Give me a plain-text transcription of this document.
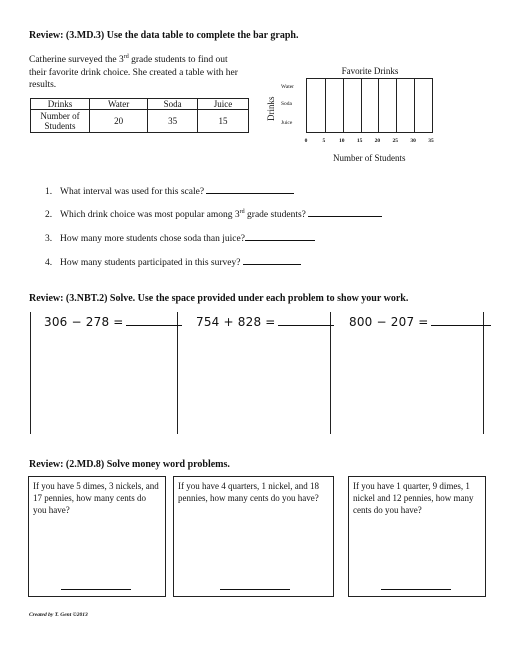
Review: (3.MD.3) Use the data table to complete the bar graph.
Catherine surveyed the 3rd grade students to find out
their favorite drink choice. She created a table with her
results.
Drinks	Water	Soda	Juice
Number of Students	20	35	15
Favorite Drinks
Drinks
Water
Soda
Juice
0	5 10 15 20 25 30 35
Number of Students
1. What interval was used for this scale?
2. Which drink choice was most popular among 3rd grade students?
3. How many more students chose soda than juice?
4. How many students participated in this survey?
Review: (3.NBT.2) Solve. Use the space provided under each problem to show your work.
306 − 278 =	754 + 828 =	800 − 207 =
Review: (2.MD.8) Solve money word problems.
If you have 5 dimes, 3 nickels, and 17 pennies, how many cents do you have?
If you have 4 quarters, 1 nickel, and 18 pennies, how many cents do you have?
If you have 1 quarter, 9 dimes, 1 nickel and 12 pennies, how many cents do you have?
Created by T. Gent ©2013
